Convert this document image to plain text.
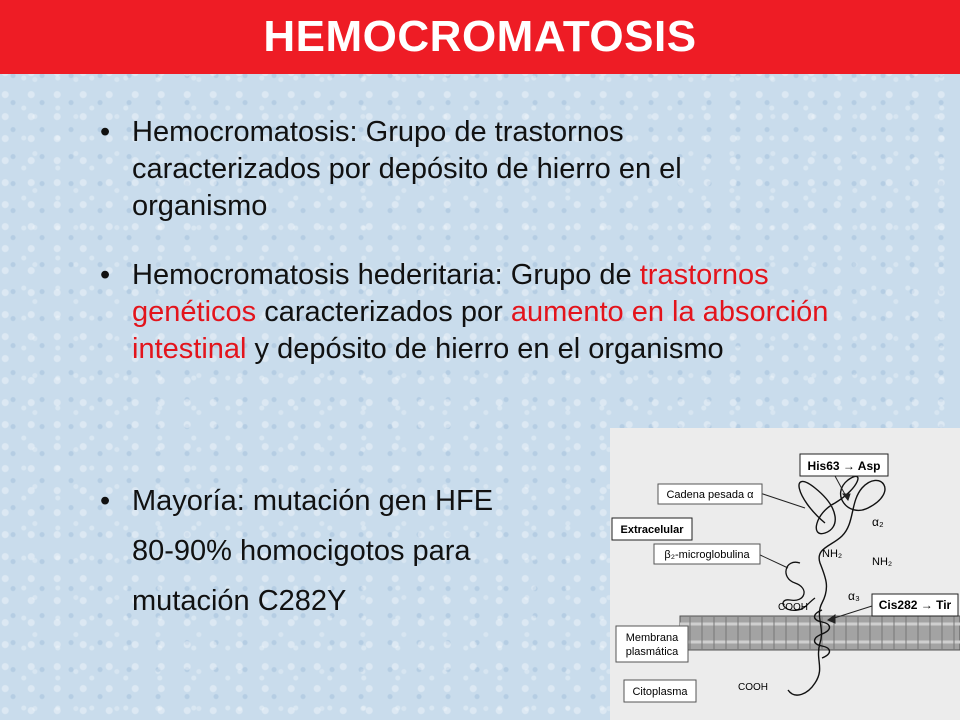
HEMOCROMATOSIS
• Hemocromatosis: Grupo de trastornos caracterizados por depósito de hierro en el organismo
• Hemocromatosis hederitaria: Grupo de trastornos genéticos caracterizados por aumento en la absorción intestinal y depósito de hierro en el organismo
• Mayoría: mutación gen HFE
80-90% homocigotos para
mutación C282Y
His63 → Asp
Cadena pesada α
Extracelular
β₂-microglobulina
Cis282 → Tir
Membrana
plasmática
Citoplasma
α₂
α₃
NH₂
NH₂
COOH
COOH
